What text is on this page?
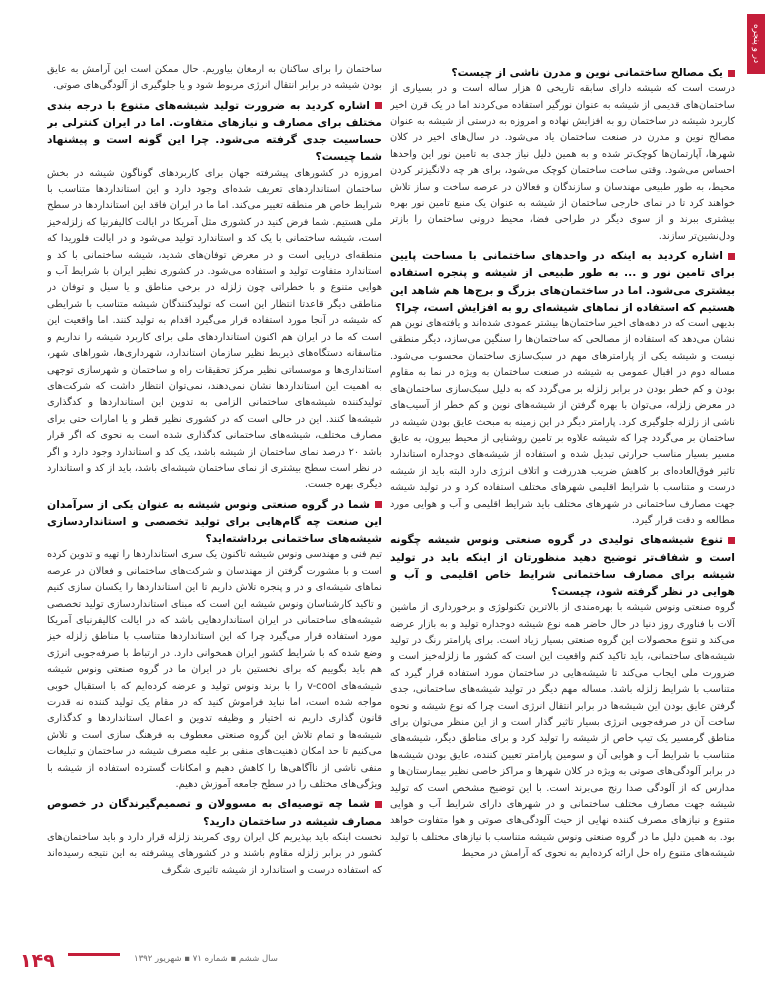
در و پنجره
یک مصالح ساختمانی نوین و مدرن ناشی از چیست؟
درست است که شیشه دارای سابقه تاریخی ۵ هزار ساله است و در بسیاری از ساختمان‌های قدیمی از شیشه به عنوان نورگیر استفاده می‌کردند اما در یک قرن اخیر کاربرد شیشه در ساختمان رو به افزایش نهاده و امروزه به درستی از شیشه به عنوان مصالح نوین و مدرن در صنعت ساختمان یاد می‌شود. در سال‌های اخیر در کلان شهرها، آپارتمان‌ها کوچک‌تر شده و به همین دلیل نیاز جدی به تامین نور این واحدها احساس می‌شود. وقتی ساخت ساختمان کوچک می‌شود، برای هر چه دلانگیزتر کردن محیط، به طور طبیعی مهندسان و سازندگان و فعالان در عرصه ساخت و ساز تلاش خواهند کرد تا در نمای خارجی ساختمان از شیشه به عنوان یک منبع تامین نور بهره بیشتری ببرند و از سوی دیگر در طراحی فضا، محیط درونی ساختمان را بازتر ودل‌نشین‌تر سازند.
اشاره کردید به اینکه در واحدهای ساختمانی با مساحت پایین برای تامین نور و ... به طور طبیعی از شیشه و پنجره استفاده بیشتری می‌شود. اما در ساختمان‌های بزرگ و برج‌ها هم شاهد این هستیم که استفاده از نماهای شیشه‌ای رو به افزایش است، چرا؟
بدیهی است که در دهه‌های اخیر ساختمان‌ها بیشتر عمودی شده‌اند و یافته‌های نوین هم نشان می‌دهد که استفاده از مصالحی که ساختمان‌ها را سنگین می‌سازد، دیگر منطقی نیست و شیشه یکی از پارامترهای مهم در سبک‌سازی ساختمان محسوب می‌شود. مساله دوم در اقبال عمومی به شیشه در صنعت ساختمان به ویژه در نما به مقاوم بودن و کم خطر بودن در برابر زلزله بر می‌گردد که به دلیل سبک‌سازی ساختمان‌های در معرض زلزله، می‌توان با بهره گرفتن از شیشه‌های نوین و کم خطر از آسیب‌های ناشی از زلزله جلوگیری کرد. پارامتر دیگر در این زمینه به مبحث عایق بودن شیشه در ساختمان بر می‌گردد چرا که شیشه علاوه بر تامین روشنایی از محیط بیرون، به عایق مسیر بسیار مناسب حرارتی تبدیل شده و استفاده از شیشه‌های دوجداره استاندارد تاثیر فوق‌العاده‌ای بر کاهش ضریب هدررفت و اتلاف انرژی دارد البته باید از شیشه درست و متناسب با شرایط اقلیمی شهرهای مختلف استفاده کرد و در تولید شیشه جهت مصارف ساختمانی در شهرهای مختلف باید شرایط اقلیمی و آب و هوایی مورد مطالعه و دقت قرار گیرد.
تنوع شیشه‌های تولیدی در گروه صنعتی ونوس شیشه چگونه است و شفاف‌تر توضیح دهید منظورتان از اینکه باید در تولید شیشه برای مصارف ساختمانی شرایط خاص اقلیمی و آب و هوایی در نظر گرفته شود، چیست؟
گروه صنعتی ونوس شیشه با بهره‌مندی از بالاترین تکنولوژی و برخورداری از ماشین آلات با فناوری روز دنیا در حال حاضر همه نوع شیشه دوجداره تولید و به بازار عرضه می‌کند و تنوع محصولات این گروه صنعتی بسیار زیاد است. برای پارامتر رنگ در تولید شیشه‌های ساختمانی، باید تاکید کنم واقعیت این است که کشور ما زلزله‌خیز است و ضرورت ملی ایجاب می‌کند تا شیشه‌هایی در ساختمان مورد استفاده قرار گیرد که متناسب با شرایط زلزله باشد. مساله مهم دیگر در تولید شیشه‌های ساختمانی، جدی گرفتن عایق بودن این شیشه‌ها در برابر انتقال انرژی است چرا که نوع شیشه و نحوه ساخت آن در صرفه‌جویی انرژی بسیار تاثیر گذار است و از این منظر می‌توان برای مناطق گرمسیر یک تیپ خاص از شیشه را تولید کرد و برای مناطق دیگر، شیشه‌های متناسب با شرایط آب و هوایی آن و سومین پارامتر تعیین کننده، عایق بودن شیشه‌ها در برابر آلودگی‌های صوتی به ویژه در کلان شهرها و مراکز خاصی نظیر بیمارستان‌ها و مدارس که از آلودگی صدا رنج می‌برند است. با این توضیح مشخص است که تولید شیشه جهت مصارف مختلف ساختمانی و در شهرهای دارای شرایط آب و هوایی متنوع و نیازهای مصرف کننده نهایی از حیث آلودگی‌های صوتی و هوا متفاوت خواهد بود. به همین دلیل ما در گروه صنعتی ونوس شیشه متناسب با نیازهای مختلف با تولید شیشه‌های متنوع راه حل ارائه کرده‌ایم به نحوی که آرامش در محیط
ساختمان را برای ساکنان به ارمغان بیاوریم. حال ممکن است این آرامش به عایق بودن شیشه در برابر انتقال انرژی مربوط شود و یا جلوگیری از آلودگی‌های صوتی.
اشاره کردید به ضرورت تولید شیشه‌های متنوع با درجه بندی مختلف برای مصارف و نیازهای متفاوت. اما در ایران کنترلی بر حساسیت جدی گرفته می‌شود. چرا این گونه است و پیشنهاد شما چیست؟
امروزه در کشورهای پیشرفته جهان برای کاربردهای گوناگون شیشه در بخش ساختمان استانداردهای تعریف شده‌ای وجود دارد و این استانداردها متناسب با شرایط خاص هر منطقه تغییر می‌کند. اما ما در ایران فاقد این استانداردها در سطح ملی هستیم. شما فرض کنید در کشوری مثل آمریکا در ایالت کالیفرنیا که زلزله‌خیز است، شیشه ساختمانی با یک کد و استاندارد تولید می‌شود و در ایالت فلوریدا که منطقه‌ای دریایی است و در معرض توفان‌های شدید، شیشه ساختمانی با کد و استاندارد متفاوت تولید و استفاده می‌شود. در کشوری نظیر ایران با شرایط آب و هوایی متنوع و با خطراتی چون زلزله در برخی مناطق و یا سیل و توفان در مناطقی دیگر قاعدتا انتظار این است که تولیدکنندگان شیشه متناسب با شرایطی که شیشه در آنجا مورد استفاده قرار می‌گیرد اقدام به تولید کنند. اما واقعیت این است که ما در ایران هم اکنون استانداردهای ملی برای کاربرد شیشه را نداریم و متاسفانه دستگاه‌های ذیربط نظیر سازمان استاندارد، شهرداری‌ها، شوراهای شهر، استانداری‌ها و موسساتی نظیر مرکز تحقیقات راه و ساختمان و شهرسازی توجهی به اهمیت این استانداردها نشان نمی‌دهند، نمی‌توان انتظار داشت که شرکت‌های تولیدکننده شیشه‌های ساختمانی الزامی به تدوین این استانداردها و کدگذاری شیشه‌ها کنند. این در حالی است که در کشوری نظیر قطر و یا امارات حتی برای مصارف مختلف، شیشه‌های ساختمانی کدگذاری شده است به نحوی که اگر قرار باشد ۲۰ درصد نمای ساختمان از شیشه باشد، یک کد و استاندارد وجود دارد و اگر در نظر است سطح بیشتری از نمای ساختمان شیشه‌ای باشد، باید از کد و استاندارد دیگری بهره جست.
شما در گروه صنعتی ونوس شیشه به عنوان یکی از سرآمدان این صنعت چه گام‌هایی برای تولید تخصصی و استانداردسازی شیشه‌های ساختمانی برداشته‌اید؟
تیم فنی و مهندسی ونوس شیشه تاکنون یک سری استانداردها را تهیه و تدوین کرده است و با مشورت گرفتن از مهندسان و شرکت‌های ساختمانی و فعالان در عرصه نماهای شیشه‌ای و در و پنجره تلاش داریم تا این استانداردها را یکسان سازی کنیم و تاکید کارشناسان ونوس شیشه این است که مبنای استانداردسازی تولید تخصصی شیشه‌های ساختمانی در ایران استانداردهایی باشد که در ایالت کالیفرنیای آمریکا مورد استفاده قرار می‌گیرد چرا که این استانداردها متناسب با مناطق زلزله خیز وضع شده که با شرایط کشور ایران همخوانی دارد. در ارتباط با صرفه‌جویی انرژی هم باید بگوییم که برای نخستین بار در ایران ما در گروه صنعتی ونوس شیشه شیشه‌های v-cool را با برند ونوس تولید و عرضه کرده‌ایم که با استقبال خوبی مواجه شده است، اما نباید فراموش کنید که در مقام یک تولید کننده نه قدرت قانون گذاری داریم نه اختیار و وظیفه تدوین و اعمال استانداردها و کدگذاری شیشه‌ها و تمام تلاش این گروه صنعتی معطوف به فرهنگ سازی است و تلاش می‌کنیم تا حد امکان ذهنیت‌های منفی بر علیه مصرف شیشه در ساختمان و تبلیغات منفی ناشی از ناآگاهی‌ها را کاهش دهیم و امکانات گسترده استفاده از شیشه با ویژگی‌های مختلف را در سطح جامعه آموزش دهیم.
شما چه توصیه‌ای به مسوولان و تصمیم‌گیرندگان در خصوص مصارف شیشه در ساختمان دارید؟
نخست اینکه باید بپذیریم کل ایران روی کمربند زلزله قرار دارد و باید ساختمان‌های کشور در برابر زلزله مقاوم باشند و در کشورهای پیشرفته به این نتیجه رسیده‌اند که استفاده درست و استاندارد از شیشه تاثیری شگرف
۱۴۹	سال ششم ▪ شماره ۷۱ ▪ شهریور ۱۳۹۲
